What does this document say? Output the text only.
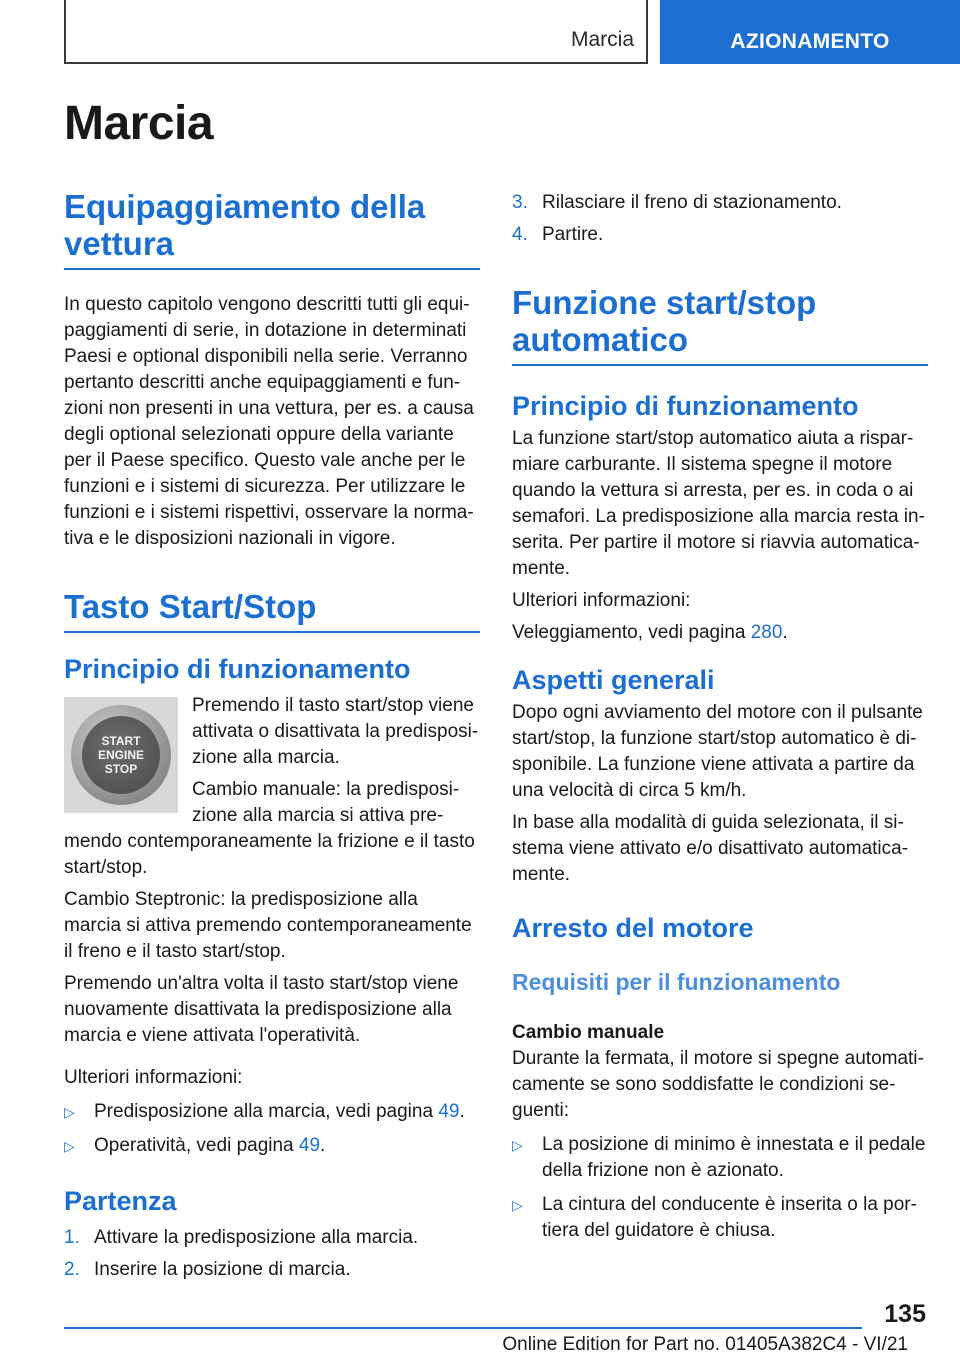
Marcia	AZIONAMENTO
Marcia
Equipaggiamento della vettura

In questo capitolo vengono descritti tutti gli equipaggiamenti di serie, in dotazione in determinati Paesi e optional disponibili nella serie. Verranno pertanto descritti anche equipaggiamenti e funzioni non presenti in una vettura, per es. a causa degli optional selezionati oppure della variante per il Paese specifico. Questo vale anche per le funzioni e i sistemi di sicurezza. Per utilizzare le funzioni e i sistemi rispettivi, osservare la normativa e le disposizioni nazionali in vigore.

Tasto Start/Stop
Principio di funzionamento
START
ENGINE
STOP

Premendo il tasto start/stop viene attivata o disattivata la predisposizione alla marcia.

Cambio manuale: la predisposizione alla marcia si attiva premendo contemporaneamente la frizione e il tasto start/stop.

Cambio Steptronic: la predisposizione alla marcia si attiva premendo contemporaneamente il freno e il tasto start/stop.

Premendo un'altra volta il tasto start/stop viene nuovamente disattivata la predisposizione alla marcia e viene attivata l'operatività.

Ulteriori informazioni:

▷ Predisposizione alla marcia, vedi pagina 49.
▷ Operatività, vedi pagina 49.
Partenza
1. Attivare la predisposizione alla marcia.
2. Inserire la posizione di marcia.
3. Rilasciare il freno di stazionamento.
4. Partire.
Funzione start/stop automatico
Principio di funzionamento

La funzione start/stop automatico aiuta a risparmiare carburante. Il sistema spegne il motore quando la vettura si arresta, per es. in coda o ai semafori. La predisposizione alla marcia resta inserita. Per partire il motore si riavvia automaticamente.

Ulteriori informazioni:

Veleggiamento, vedi pagina 280.

Aspetti generali

Dopo ogni avviamento del motore con il pulsante start/stop, la funzione start/stop automatico è disponibile. La funzione viene attivata a partire da una velocità di circa 5 km/h.

In base alla modalità di guida selezionata, il sistema viene attivato e/o disattivato automaticamente.

Arresto del motore
Requisiti per il funzionamento
Cambio manuale

Durante la fermata, il motore si spegne automaticamente se sono soddisfatte le condizioni seguenti:

▷ La posizione di minimo è innestata e il pedale della frizione non è azionato.
▷ La cintura del conducente è inserita o la portiera del guidatore è chiusa.
135
Online Edition for Part no. 01405A382C4 - VI/21
